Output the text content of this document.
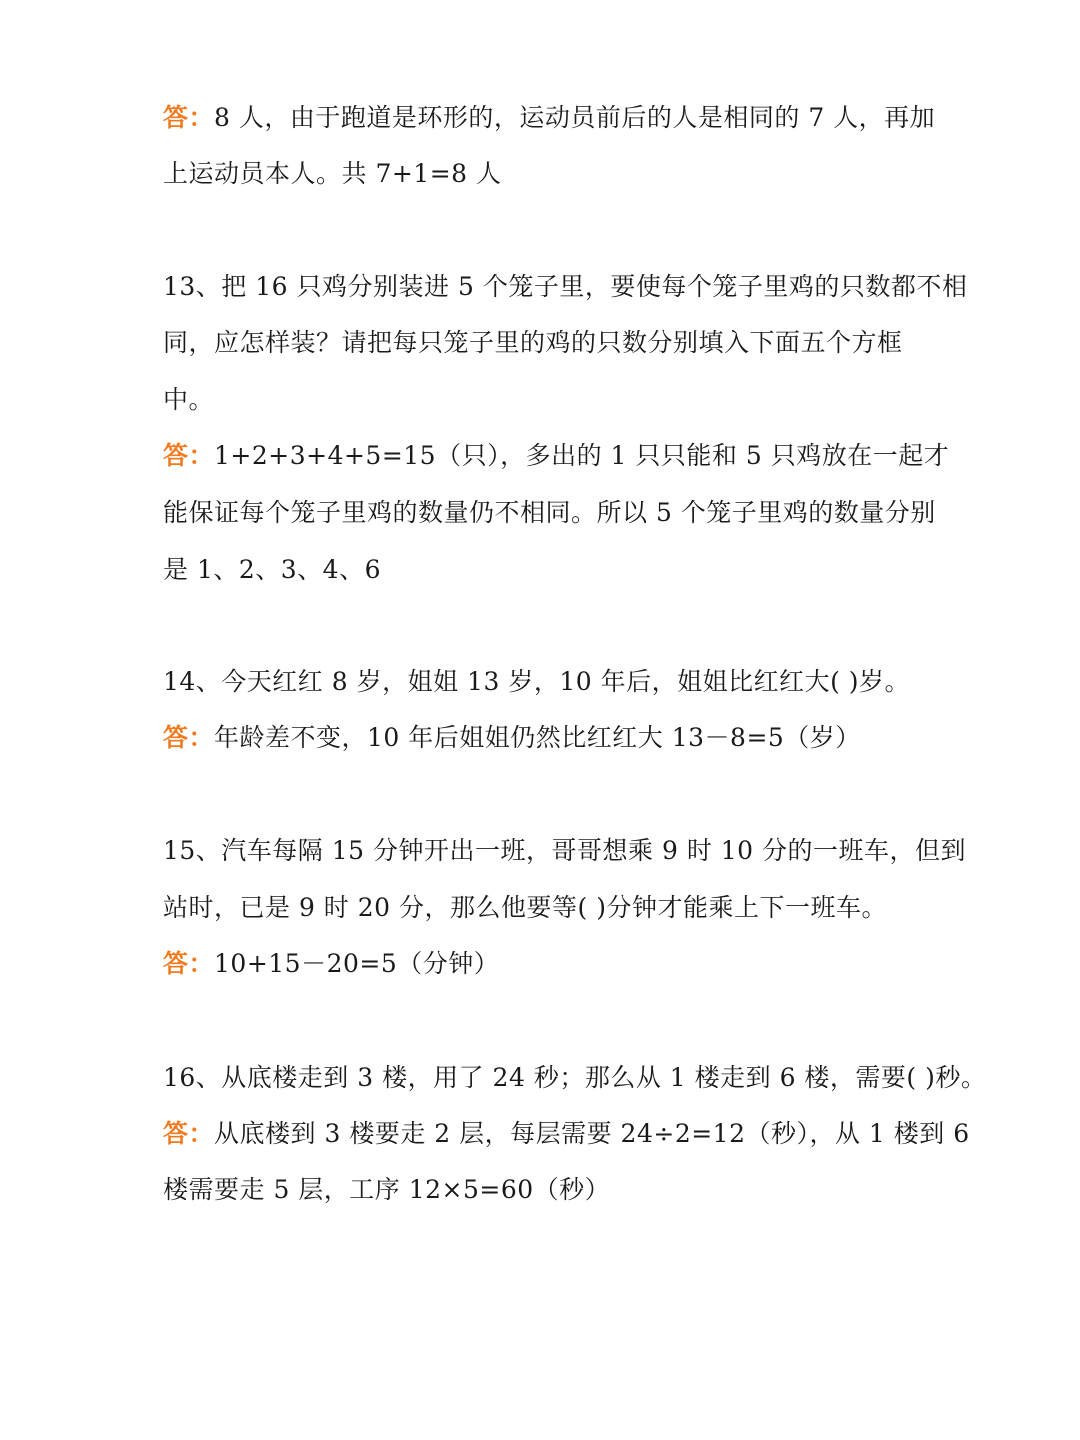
答：8 人，由于跑道是环形的，运动员前后的人是相同的 7 人，再加
上运动员本人。共 7+1=8 人
13、把 16 只鸡分别装进 5 个笼子里，要使每个笼子里鸡的只数都不相
同，应怎样装？请把每只笼子里的鸡的只数分别填入下面五个方框
中。
答：1+2+3+4+5=15（只），多出的 1 只只能和 5 只鸡放在一起才
能保证每个笼子里鸡的数量仍不相同。所以 5 个笼子里鸡的数量分别
是 1、2、3、4、6
14、今天红红 8 岁，姐姐 13 岁，10 年后，姐姐比红红大( )岁。
答：年龄差不变，10 年后姐姐仍然比红红大 13－8=5（岁）
15、汽车每隔 15 分钟开出一班，哥哥想乘 9 时 10 分的一班车，但到
站时，已是 9 时 20 分，那么他要等( )分钟才能乘上下一班车。
答：10+15－20=5（分钟）
16、从底楼走到 3 楼，用了 24 秒；那么从 1 楼走到 6 楼，需要( )秒。
答：从底楼到 3 楼要走 2 层，每层需要 24÷2=12（秒），从 1 楼到 6
楼需要走 5 层，工序 12×5=60（秒）
